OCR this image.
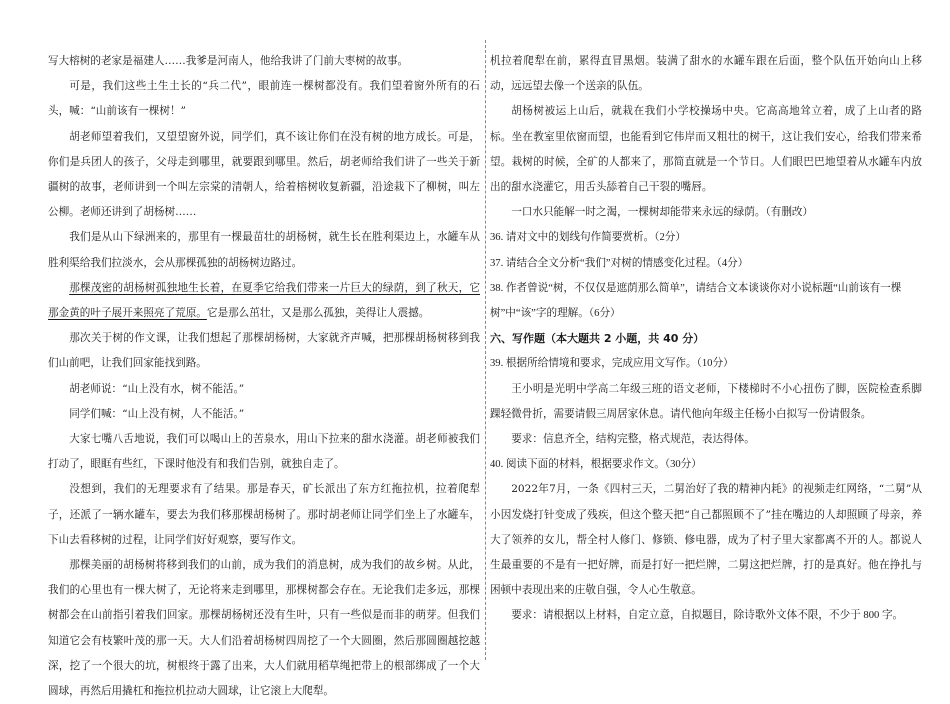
写大榕树的老家是福建人……我爹是河南人，他给我讲了门前大枣树的故事。

可是，我们这些土生土长的“兵二代”，眼前连一棵树都没有。我们望着窗外所有的石头，喊：“山前该有一棵树！”

胡老师望着我们，又望望窗外说，同学们，真不该让你们在没有树的地方成长。可是，你们是兵团人的孩子，父母走到哪里，就要跟到哪里。然后，胡老师给我们讲了一些关于新疆树的故事，老师讲到一个叫左宗棠的清朝人，给着榕树收复新疆，沿途栽下了柳树，叫左公柳。老师还讲到了胡杨树……

我们是从山下绿洲来的，那里有一棵最苗壮的胡杨树，就生长在胜利渠边上，水罐车从胜利渠给我们拉淡水，会从那棵孤独的胡杨树边路过。

那棵茂密的胡杨树孤独地生长着，在夏季它给我们带来一片巨大的绿荫，到了秋天，它那金黄的叶子展开来照亮了荒原。它是那么茁壮，又是那么孤独，美得让人震撼。

那次关于树的作文课，让我们想起了那棵胡杨树，大家就齐声喊，把那棵胡杨树移到我们山前吧，让我们回家能找到路。

胡老师说：“山上没有水，树不能活。”

同学们喊：“山上没有树，人不能活。”

大家七嘴八舌地说，我们可以喝山上的苦泉水，用山下拉来的甜水浇灌。胡老师被我们打动了，眼眶有些红，下课时他没有和我们告别，就独自走了。

没想到，我们的无理要求有了结果。那是春天，矿长派出了东方红拖拉机，拉着爬犁子，还派了一辆水罐车，要去为我们移那棵胡杨树了。那时胡老师让同学们坐上了水罐车，下山去看移树的过程，让同学们好好观察，要写作文。

那棵美丽的胡杨树将移到我们的山前，成为我们的消息树，成为我们的故乡树。从此，我们的心里也有一棵大树了，无论将来走到哪里，那棵树都会存在。无论我们走多远，那棵树都会在山前指引着我们回家。那棵胡杨树还没有生叶，只有一些似是而非的萌芽。但我们知道它会有枝繁叶茂的那一天。大人们沿着胡杨树四周挖了一个大圆圈，然后那圆圈越挖越深，挖了一个很大的坑，树根终于露了出来，大人们就用稻草绳把带上的根部绑成了一个大圆球，再然后用撬杠和拖拉机拉动大圆球，让它滚上大爬犁。

机拉着爬犁在前，累得直冒黑烟。装满了甜水的水罐车跟在后面，整个队伍开始向山上移动，远远望去像一个送亲的队伍。

胡杨树被运上山后，就栽在我们小学校操场中央。它高高地耸立着，成了上山者的路标。坐在教室里依窗而望，也能看到它伟岸而又粗壮的树干，这让我们安心，给我们带来希望。栽树的时候，全矿的人都来了，那简直就是一个节日。人们眼巴巴地望着从水罐车内放出的甜水浇灌它，用舌头舔着自己干裂的嘴唇。

一口水只能解一时之渴，一棵树却能带来永远的绿荫。（有删改）

36. 请对文中的划线句作简要赏析。（2分）

37. 请结合全文分析“我们”对树的情感变化过程。（4分）

38. 作者曾说“树，不仅仅是遮荫那么简单”，请结合文本谈谈你对小说标题“山前该有一棵树”中“该”字的理解。（6分）

六、写作题（本大题共 2 小题，共 40 分）

39. 根据所给情境和要求，完成应用文写作。（10分）

王小明是光明中学高二年级三班的语文老师，下楼梯时不小心扭伤了脚，医院检查系脚踝轻微骨折，需要请假三周居家休息。请代他向年级主任杨小白拟写一份请假条。

要求：信息齐全，结构完整，格式规范，表达得体。

40. 阅读下面的材料，根据要求作文。（30分）

2022年7月，一条《四村三天，二舅治好了我的精神内耗》的视频走红网络，“二舅”从小因发烧打针变成了残疾，但这个整天把“自己都照顾不了”挂在嘴边的人却照顾了母亲，养大了领养的女儿，帮全村人修门、修锁、修电器，成为了村子里大家都离不开的人。都说人生最重要的不是有一把好牌，而是打好一把烂牌，二舅这把烂牌，打的是真好。他在挣扎与困顿中表现出来的庄敬自强，令人心生敬意。

要求：请根据以上材料，自定立意，自拟题目，除诗歌外文体不限，不少于 800 字。
